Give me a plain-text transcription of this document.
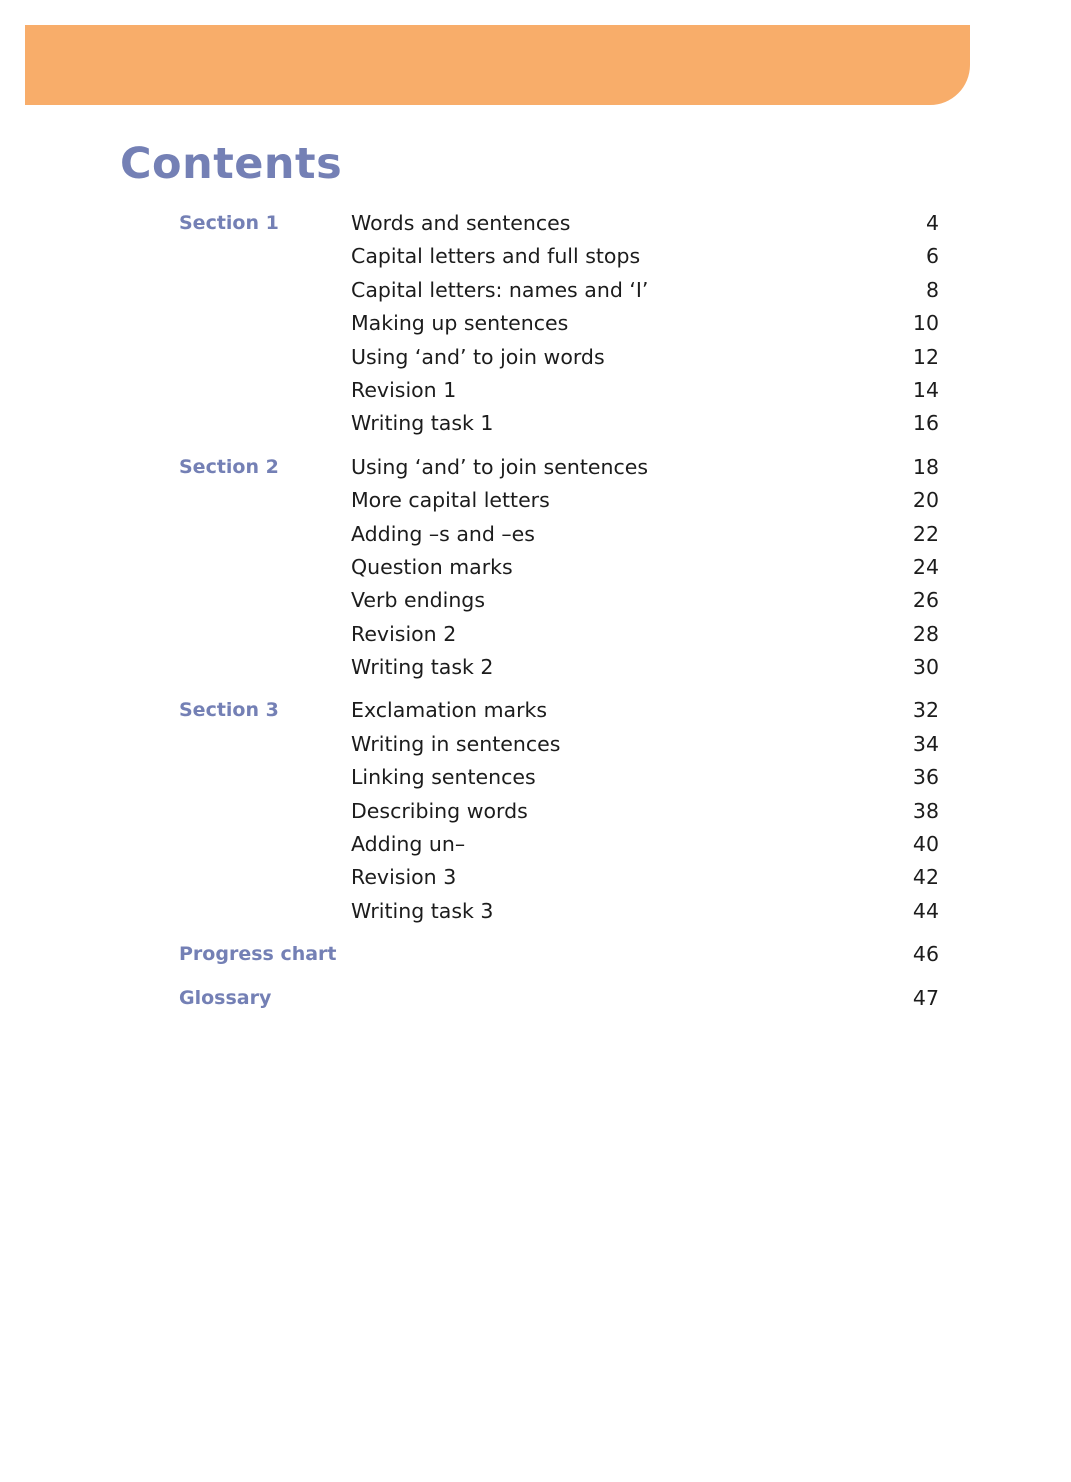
Contents
Section 1	Words and sentences	4
Capital letters and full stops	6
Capital letters: names and ‘I’	8
Making up sentences	10
Using ‘and’ to join words	12
Revision 1	14
Writing task 1	16
Section 2	Using ‘and’ to join sentences	18
More capital letters	20
Adding –s and –es	22
Question marks	24
Verb endings	26
Revision 2	28
Writing task 2	30
Section 3	Exclamation marks	32
Writing in sentences	34
Linking sentences	36
Describing words	38
Adding un–	40
Revision 3	42
Writing task 3	44
Progress chart	46
Glossary	47
